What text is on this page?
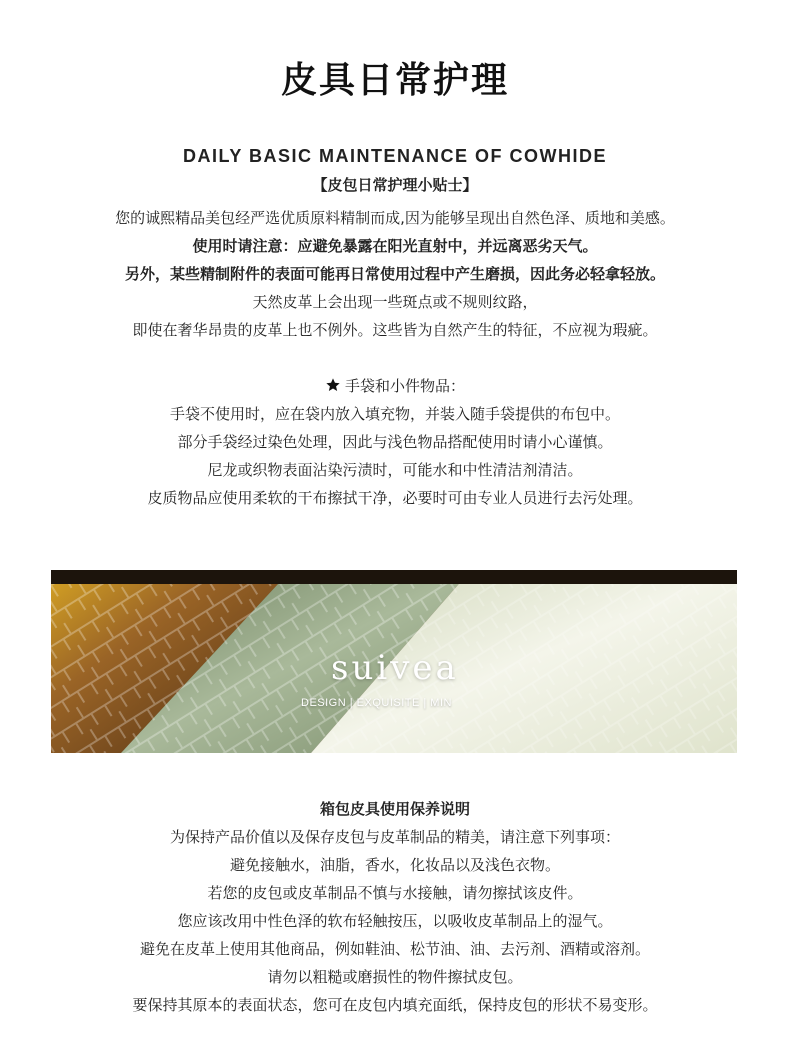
皮具日常护理
DAILY BASIC MAINTENANCE OF COWHIDE
【皮包日常护理小贴士】
您的诚熙精品美包经严选优质原料精制而成,因为能够呈现出自然色泽、质地和美感。
使用时请注意：应避免暴露在阳光直射中，并远离恶劣天气。
另外，某些精制附件的表面可能再日常使用过程中产生磨损，因此务必轻拿轻放。
天然皮革上会出现一些斑点或不规则纹路，
即使在奢华昂贵的皮革上也不例外。这些皆为自然产生的特征，不应视为瑕疵。
手袋和小件物品：
手袋不使用时，应在袋内放入填充物，并装入随手袋提供的布包中。
部分手袋经过染色处理，因此与浅色物品搭配使用时请小心谨慎。
尼龙或织物表面沾染污渍时，可能水和中性清洁剂清洁。
皮质物品应使用柔软的干布擦拭干净，必要时可由专业人员进行去污处理。
suivea
DESIGN | EXQUISITE | MIN
箱包皮具使用保养说明
为保持产品价值以及保存皮包与皮革制品的精美，请注意下列事项：
避免接触水，油脂，香水，化妆品以及浅色衣物。
若您的皮包或皮革制品不慎与水接触，请勿擦拭该皮件。
您应该改用中性色泽的软布轻触按压，以吸收皮革制品上的湿气。
避免在皮革上使用其他商品，例如鞋油、松节油、油、去污剂、酒精或溶剂。
请勿以粗糙或磨损性的物件擦拭皮包。
要保持其原本的表面状态，您可在皮包内填充面纸，保持皮包的形状不易变形。
